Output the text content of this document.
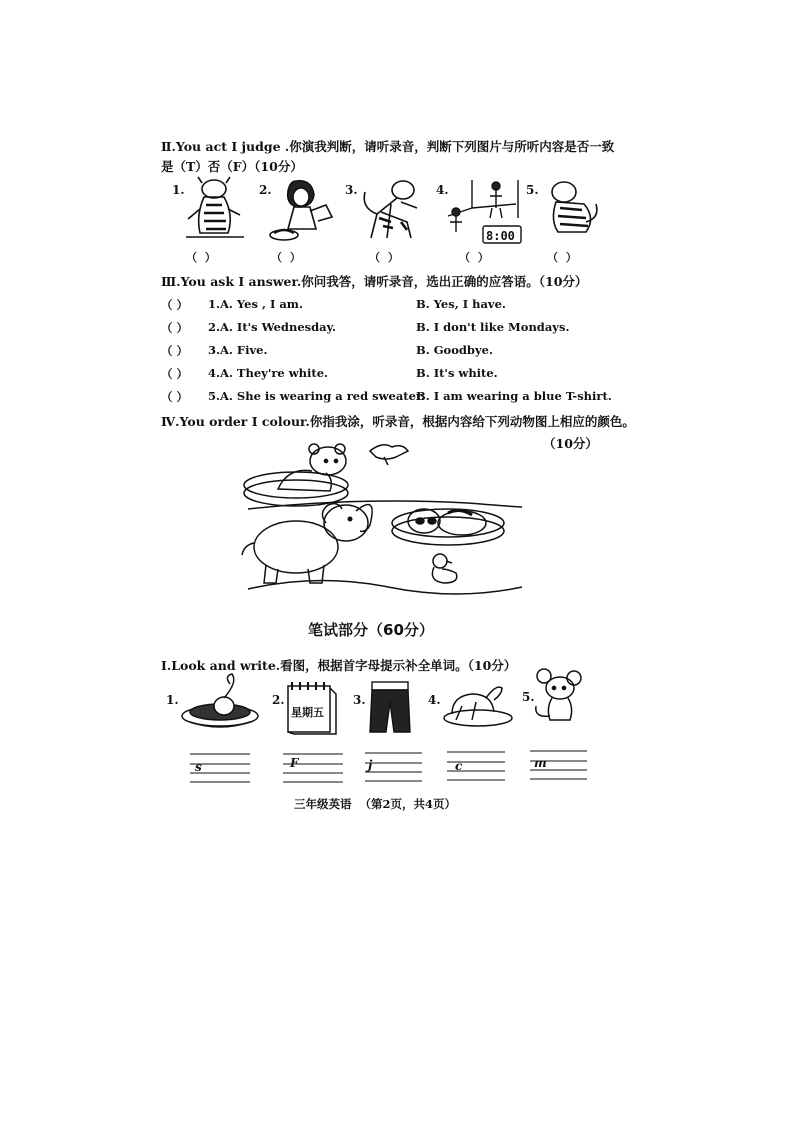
Ⅱ.You act I judge .你演我判断，请听录音，判断下列图片与所听内容是否一致
是（T）否（F）（10分）
1.	2.	3.	4.	5.
8:00
（ ）	（ ）	（ ）	（ ）	（ ）
Ⅲ.You ask I answer.你问我答，请听录音，选出正确的应答语。（10分）
（ ） 1.A. Yes , I am.	B. Yes, I have.
（ ） 2.A. It's Wednesday.	B. I don't like Mondays.
（ ） 3.A. Five.	B. Goodbye.
（ ） 4.A. They're white.	B. It's white.
（ ） 5.A. She is wearing a red sweater.
B. I am wearing a blue T-shirt.
Ⅳ.You order I colour.你指我涂，听录音，根据内容给下列动物图上相应的颜色。
（10分）
笔试部分（60分）
Ⅰ.Look and write.看图，根据首字母提示补全单词。（10分）
1.	2.	3.	4.	5.
星期五
s	F	j	c	m
三年级英语  （第2页，共4页）
